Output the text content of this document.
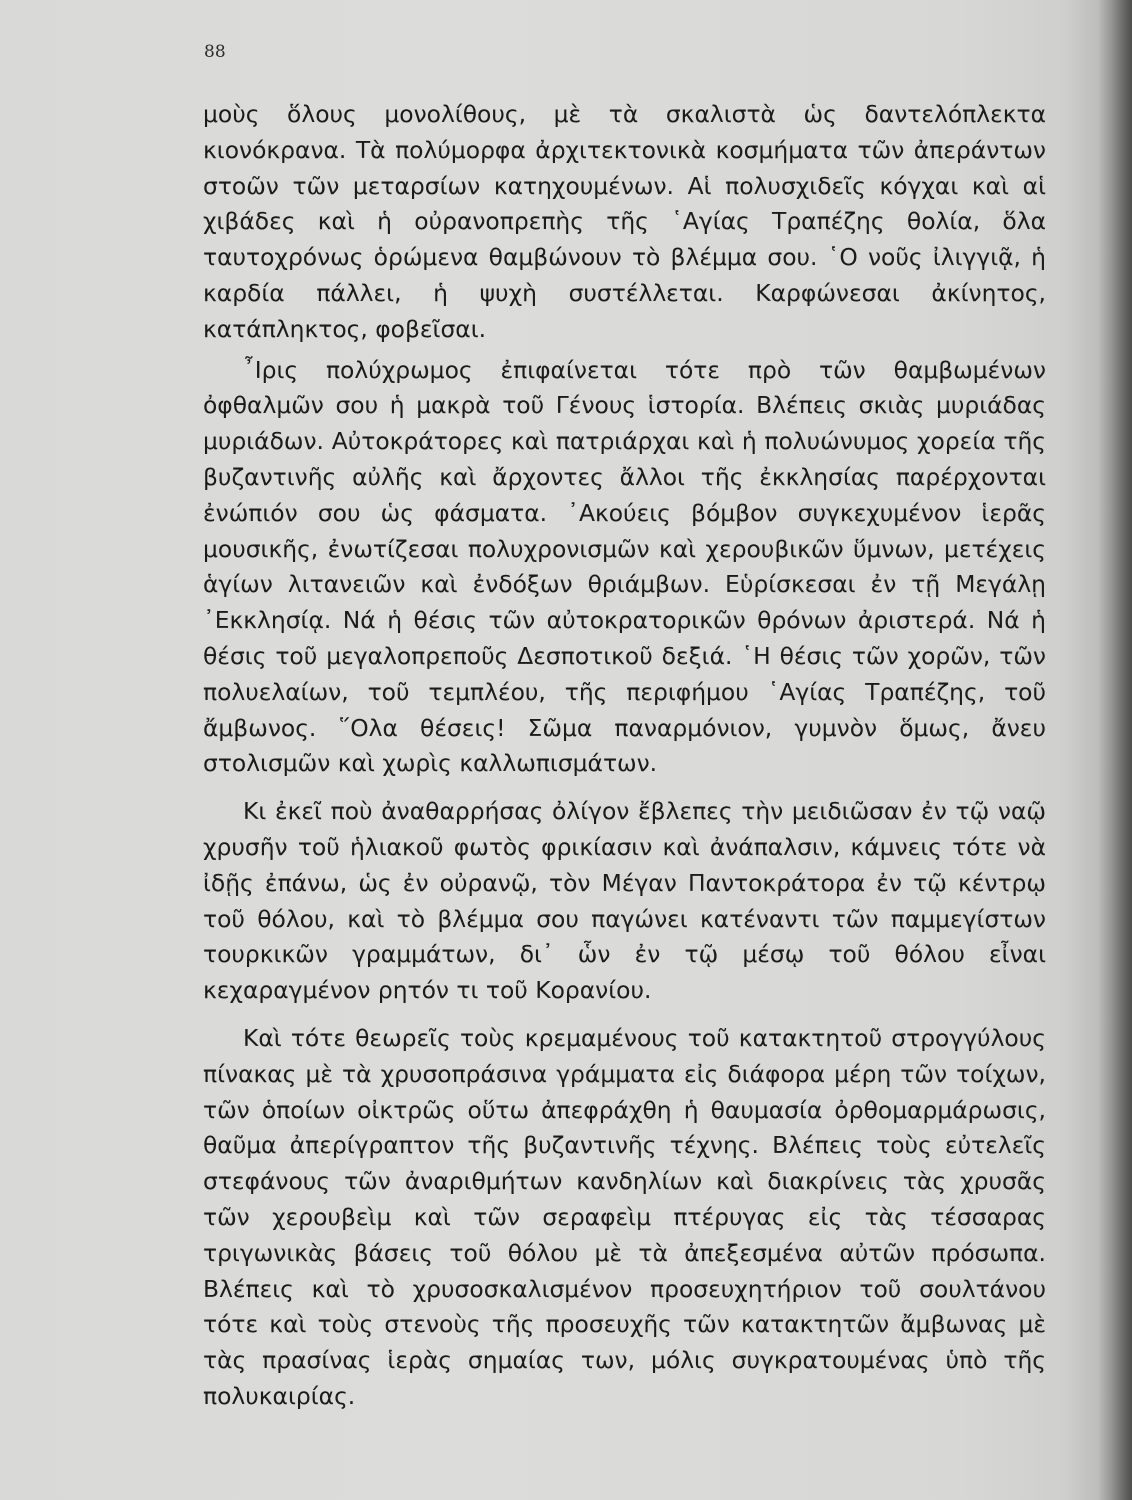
88

μοὺς ὅλους μονολίθους, μὲ τὰ σκαλιστὰ ὡς δαντελόπλεκτα κιονόκρανα. Τὰ πολύμορφα ἀρχιτεκτονικὰ κοσμήματα τῶν ἀπεράντων στοῶν τῶν μεταρσίων κατηχουμένων. Αἱ πολυσχιδεῖς κόγχαι καὶ αἱ χιβάδες καὶ ἡ οὐρανοπρεπὴς τῆς ῾Αγίας Τραπέζης θολία, ὅλα ταυτοχρόνως ὁρώμενα θαμβώνουν τὸ βλέμμα σου. ῾Ο νοῦς ἰλιγγιᾷ, ἡ καρδία πάλλει, ἡ ψυχὴ συστέλλεται. Καρφώνεσαι ἀκίνητος, κατάπληκτος, φοβεῖσαι.

῏Ιρις πολύχρωμος ἐπιφαίνεται τότε πρὸ τῶν θαμβωμένων ὀφθαλμῶν σου ἡ μακρὰ τοῦ Γένους ἱστορία. Βλέπεις σκιὰς μυριάδας μυριάδων. Αὐτοκράτορες καὶ πατριάρχαι καὶ ἡ πολυώνυμος χορεία τῆς βυζαντινῆς αὐλῆς καὶ ἄρχοντες ἄλλοι τῆς ἐκκλησίας παρέρχονται ἐνώπιόν σου ὡς φάσματα. ᾿Ακούεις βόμβον συγκεχυμένον ἱερᾶς μουσικῆς, ἐνωτίζεσαι πολυχρονισμῶν καὶ χερουβικῶν ὕμνων, μετέχεις ἁγίων λιτανειῶν καὶ ἐνδόξων θριάμβων. Εὑρίσκεσαι ἐν τῇ Μεγάλῃ ᾿Εκκλησίᾳ. Νά ἡ θέσις τῶν αὐτοκρατορικῶν θρόνων ἀριστερά. Νά ἡ θέσις τοῦ μεγαλοπρεποῦς Δεσποτικοῦ δεξιά. ῾Η θέσις τῶν χορῶν, τῶν πολυελαίων, τοῦ τεμπλέου, τῆς περιφήμου ῾Αγίας Τραπέζης, τοῦ ἄμβωνος. ῞Ολα θέσεις! Σῶμα παναρμόνιον, γυμνὸν ὅμως, ἄνευ στολισμῶν καὶ χωρὶς καλλωπισμάτων.

Κι ἐκεῖ ποὺ ἀναθαρρήσας ὀλίγον ἔβλεπες τὴν μειδιῶσαν ἐν τῷ ναῷ χρυσῆν τοῦ ἡλιακοῦ φωτὸς φρικίασιν καὶ ἀνάπαλσιν, κάμνεις τότε νὰ ἰδῇς ἐπάνω, ὡς ἐν οὐρανῷ, τὸν Μέγαν Παντοκράτορα ἐν τῷ κέντρῳ τοῦ θόλου, καὶ τὸ βλέμμα σου παγώνει κατέναντι τῶν παμμεγίστων τουρκικῶν γραμμάτων, δι᾿ ὧν ἐν τῷ μέσῳ τοῦ θόλου εἶναι κεχαραγμένον ρητόν τι τοῦ Κορανίου.

Καὶ τότε θεωρεῖς τοὺς κρεμαμένους τοῦ κατακτητοῦ στρογγύλους πίνακας μὲ τὰ χρυσοπράσινα γράμματα εἰς διάφορα μέρη τῶν τοίχων, τῶν ὁποίων οἰκτρῶς οὕτω ἀπεφράχθη ἡ θαυμασία ὀρθομαρμάρωσις, θαῦμα ἀπερίγραπτον τῆς βυζαντινῆς τέχνης. Βλέπεις τοὺς εὐτελεῖς στεφάνους τῶν ἀναριθμήτων κανδηλίων καὶ διακρίνεις τὰς χρυσᾶς τῶν χερουβεὶμ καὶ τῶν σεραφεὶμ πτέρυγας εἰς τὰς τέσσαρας τριγωνικὰς βάσεις τοῦ θόλου μὲ τὰ ἀπεξεσμένα αὐτῶν πρόσωπα. Βλέπεις καὶ τὸ χρυσοσκαλισμένον προσευχητήριον τοῦ σουλτάνου τότε καὶ τοὺς στενοὺς τῆς προσευχῆς τῶν κατακτητῶν ἄμβωνας μὲ τὰς πρασίνας ἱερὰς σημαίας των, μόλις συγκρατουμένας ὑπὸ τῆς πολυκαιρίας.
